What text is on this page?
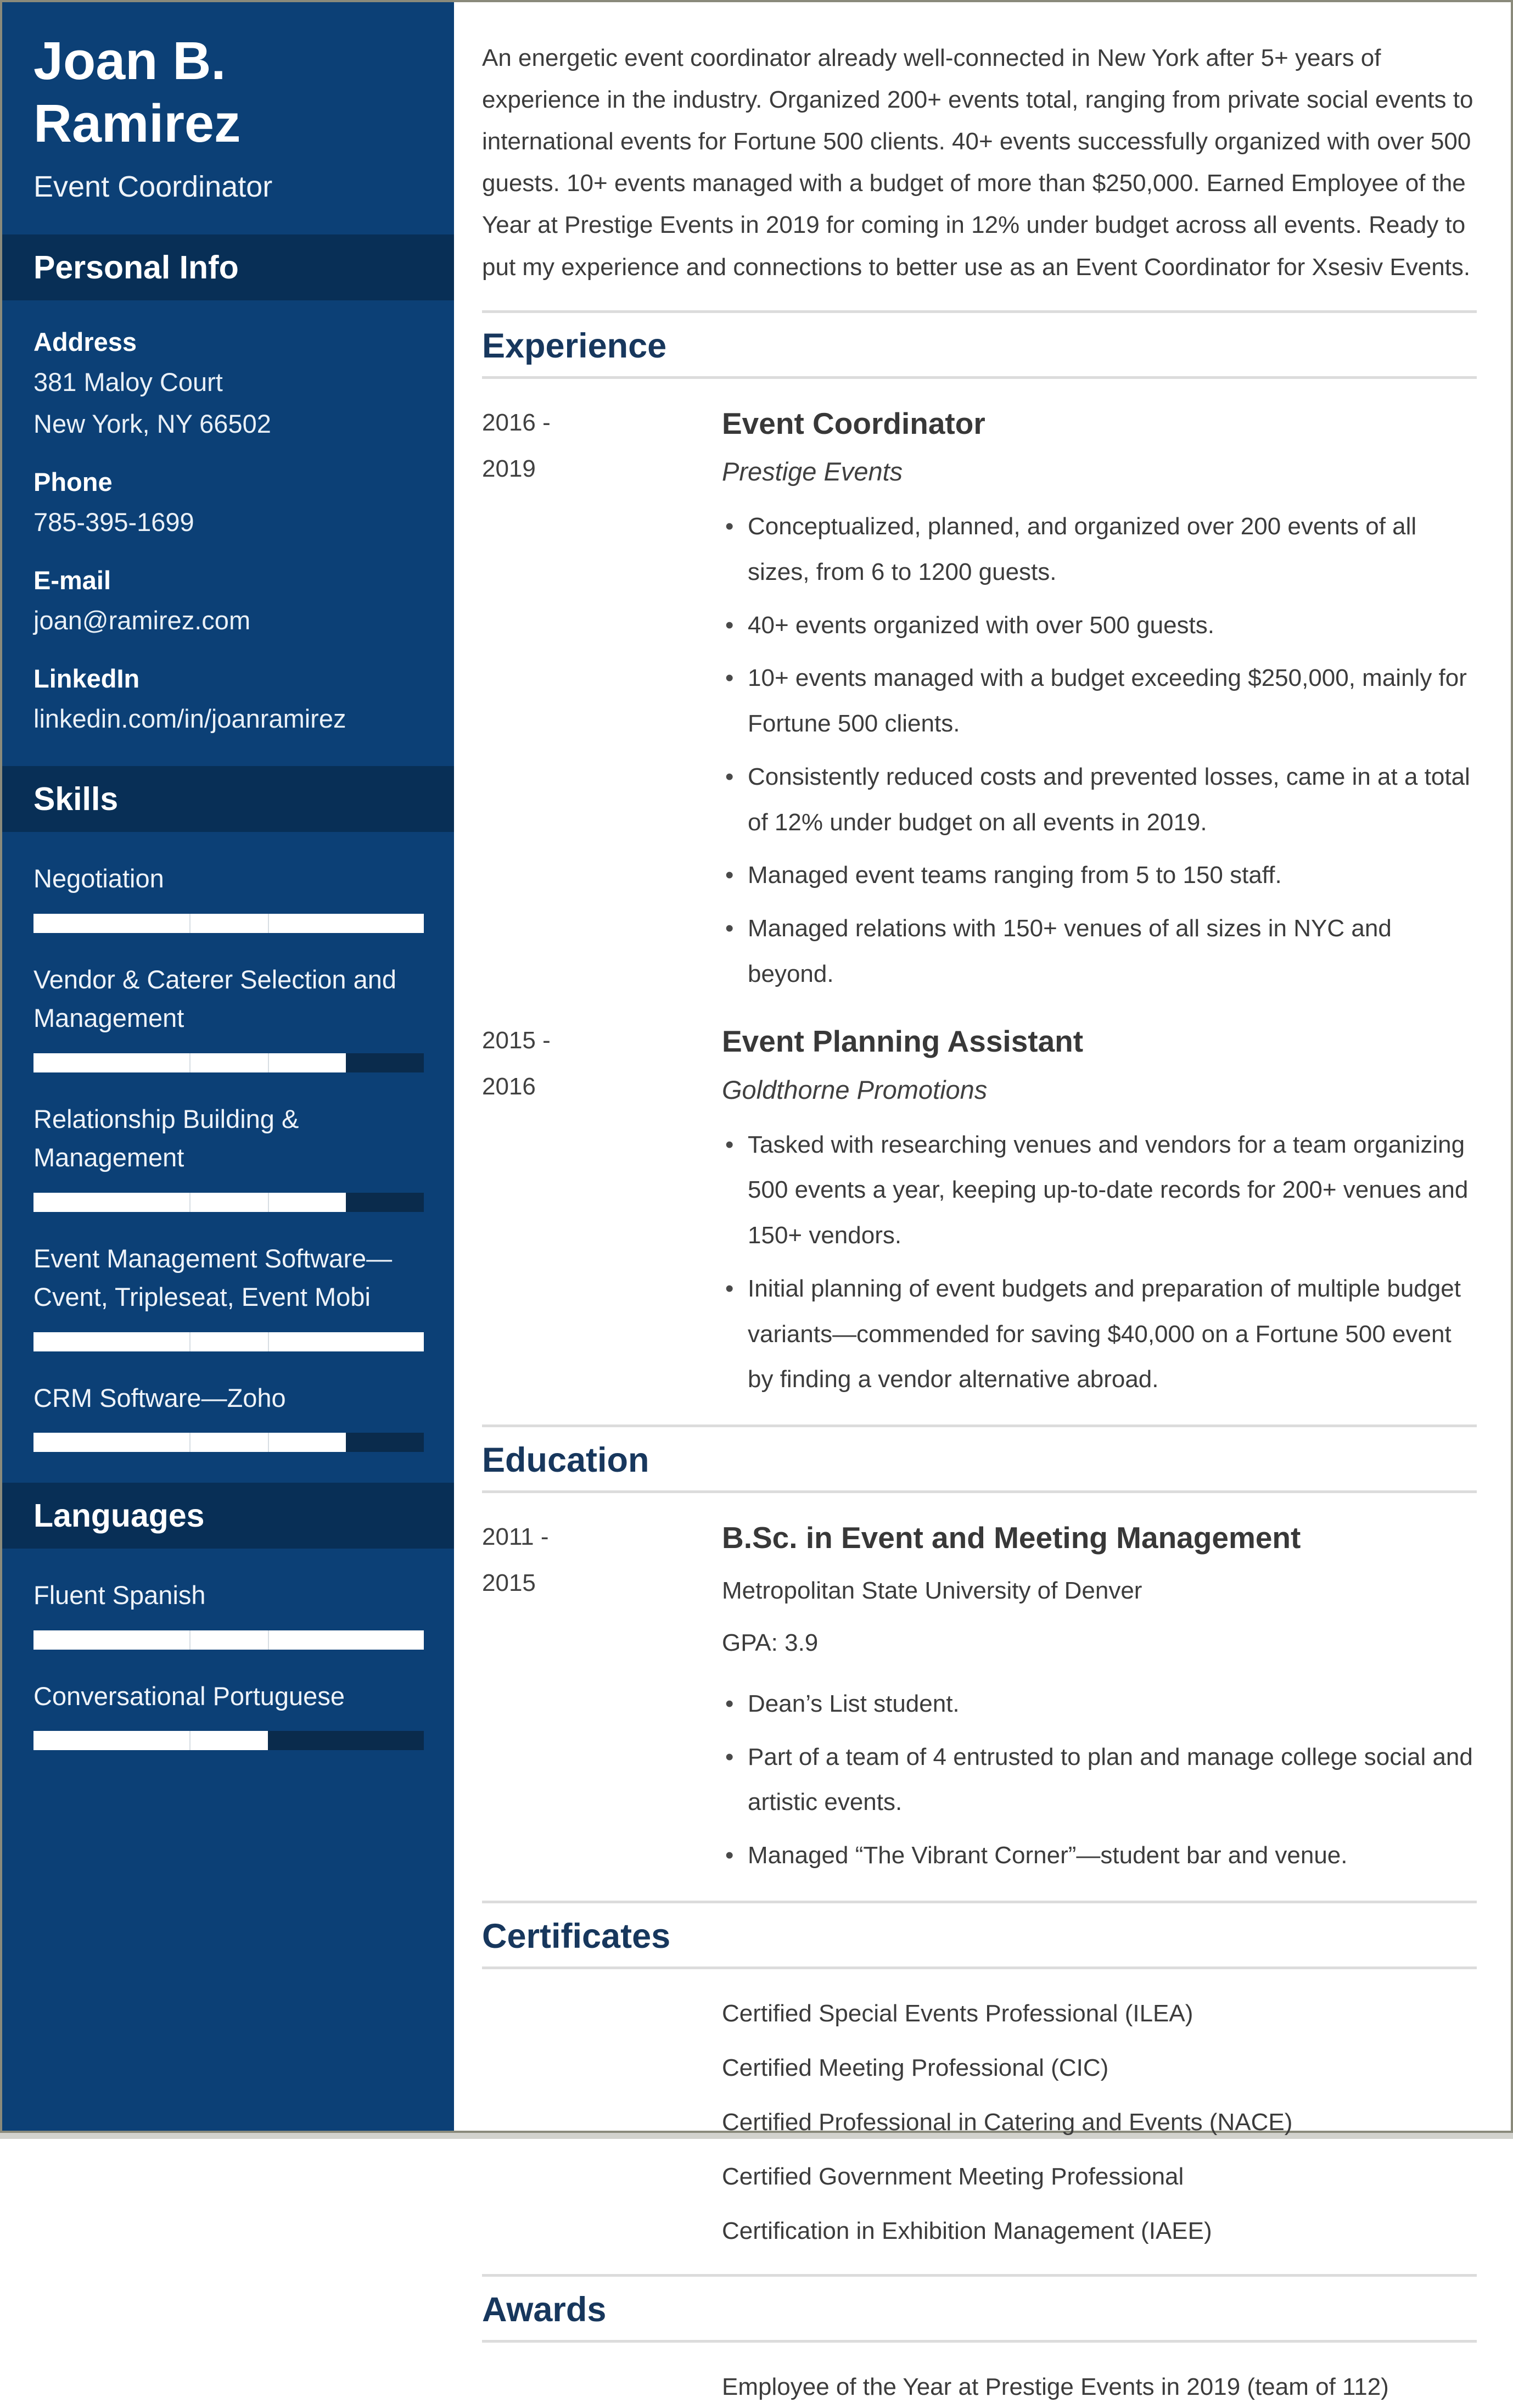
Joan B. Ramirez
Event Coordinator
Personal Info
Address
381 Maloy Court
New York, NY 66502
Phone
785-395-1699
E-mail
joan@ramirez.com
LinkedIn
linkedin.com/in/joanramirez
Skills
Negotiation
Vendor & Caterer Selection and Management
Relationship Building & Management
Event Management Software—Cvent, Tripleseat, Event Mobi
CRM Software—Zoho
Languages
Fluent Spanish
Conversational Portuguese

An energetic event coordinator already well-connected in New York after 5+ years of experience in the industry. Organized 200+ events total, ranging from private social events to international events for Fortune 500 clients. 40+ events successfully organized with over 500 guests. 10+ events managed with a budget of more than $250,000. Earned Employee of the Year at Prestige Events in 2019 for coming in 12% under budget across all events. Ready to put my experience and connections to better use as an Event Coordinator for Xsesiv Events.

Experience
2016 -
2019
Event Coordinator
Prestige Events
• Conceptualized, planned, and organized over 200 events of all sizes, from 6 to 1200 guests.
• 40+ events organized with over 500 guests.
• 10+ events managed with a budget exceeding $250,000, mainly for Fortune 500 clients.
• Consistently reduced costs and prevented losses, came in at a total of 12% under budget on all events in 2019.
• Managed event teams ranging from 5 to 150 staff.
• Managed relations with 150+ venues of all sizes in NYC and beyond.
2015 -
2016
Event Planning Assistant
Goldthorne Promotions
• Tasked with researching venues and vendors for a team organizing 500 events a year, keeping up-to-date records for 200+ venues and 150+ vendors.
• Initial planning of event budgets and preparation of multiple budget variants—commended for saving $40,000 on a Fortune 500 event by finding a vendor alternative abroad.
Education
2011 -
2015
B.Sc. in Event and Meeting Management
Metropolitan State University of Denver
GPA: 3.9
• Dean’s List student.
• Part of a team of 4 entrusted to plan and manage college social and artistic events.
• Managed “The Vibrant Corner”—student bar and venue.
Certificates
Certified Special Events Professional (ILEA)
Certified Meeting Professional (CIC)
Certified Professional in Catering and Events (NACE)
Certified Government Meeting Professional
Certification in Exhibition Management (IAEE)
Awards
Employee of the Year at Prestige Events in 2019 (team of 112)
